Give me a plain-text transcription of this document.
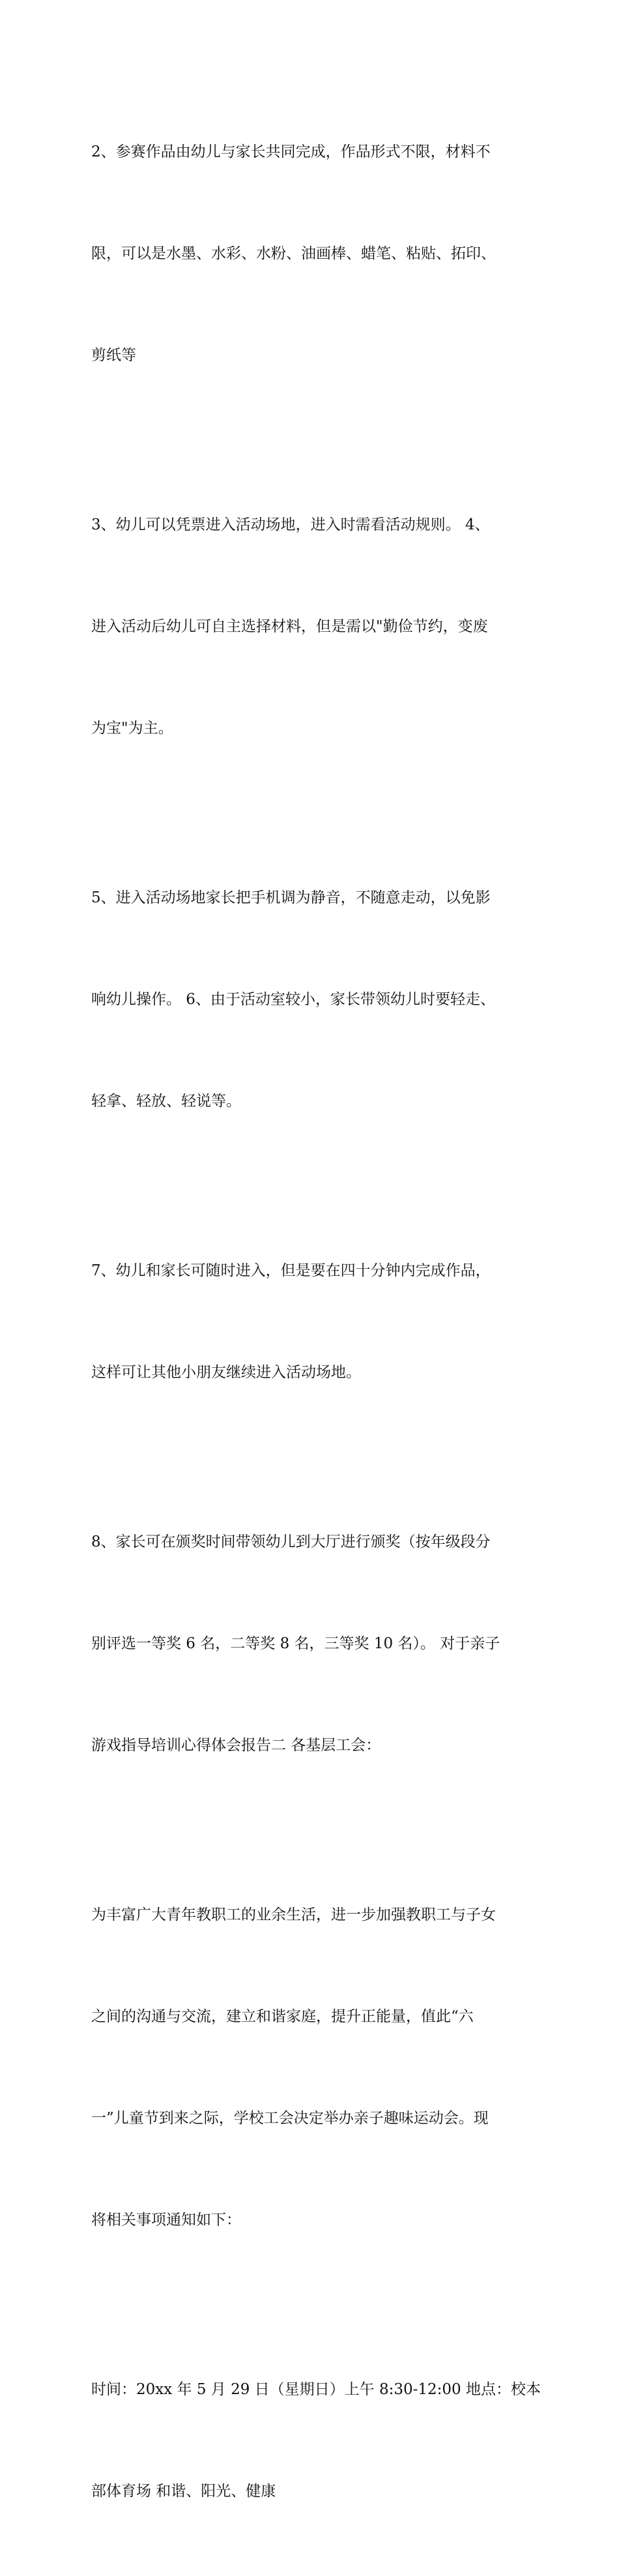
2、参赛作品由幼儿与家长共同完成，作品形式不限，材料不

限，可以是水墨、水彩、水粉、油画棒、蜡笔、粘贴、拓印、

剪纸等

3、幼儿可以凭票进入活动场地，进入时需看活动规则。 4、

进入活动后幼儿可自主选择材料，但是需以"勤俭节约，变废

为宝"为主。

5、进入活动场地家长把手机调为静音，不随意走动，以免影

响幼儿操作。 6、由于活动室较小，家长带领幼儿时要轻走、

轻拿、轻放、轻说等。

7、幼儿和家长可随时进入，但是要在四十分钟内完成作品，

这样可让其他小朋友继续进入活动场地。

8、家长可在颁奖时间带领幼儿到大厅进行颁奖（按年级段分

别评选一等奖 6 名，二等奖 8 名，三等奖 10 名）。 对于亲子

游戏指导培训心得体会报告二 各基层工会：

为丰富广大青年教职工的业余生活，进一步加强教职工与子女

之间的沟通与交流，建立和谐家庭，提升正能量，值此“六

一”儿童节到来之际，学校工会决定举办亲子趣味运动会。现

将相关事项通知如下：

时间：20xx 年 5 月 29 日（星期日）上午 8:30-12:00 地点：校本

部体育场 和谐、阳光、健康
